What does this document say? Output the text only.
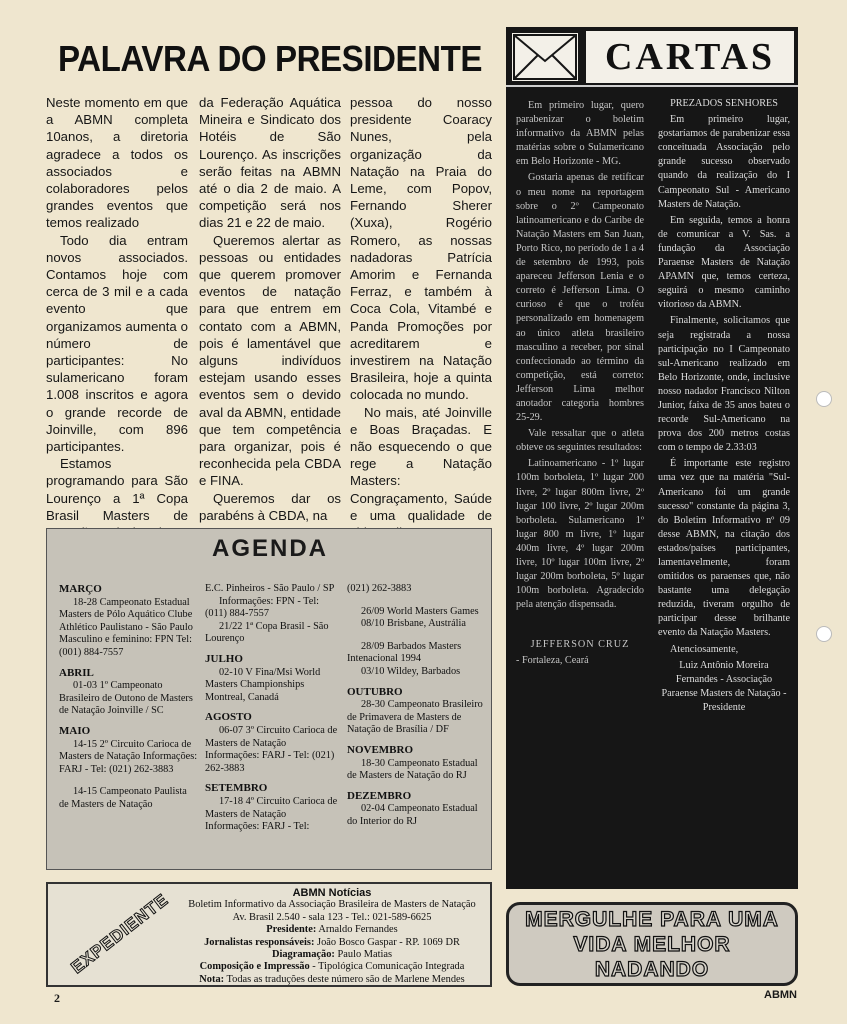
PALAVRA DO PRESIDENTE

Neste momento em que a ABMN completa 10anos, a diretoria agradece a todos os associados e colaboradores pelos grandes eventos que temos realizado

Todo dia entram novos associados. Contamos hoje com cerca de 3 mil e a cada evento que organizamos aumenta o número de participantes: No sulamericano foram 1.008 inscritos e agora o grande recorde de Joinville, com 896 participantes.

Estamos programando para São Lourenço a 1ª Copa Brasil Masters de

da Federação Aquática Mineira e Sindicato dos Hotéis de São Lourenço. As inscrições serão feitas na ABMN até o dia 2 de maio. A competição será nos dias 21 e 22 de maio.

Queremos alertar as pessoas ou entidades que querem promover eventos de natação para que entrem em contato com a ABMN, pois é lamentável que alguns indivíduos estejam usando esses eventos sem o devido aval da ABMN, entidade que tem competência para organizar, pois é reconhecida pela CBDA e FINA.

Queremos dar os parabéns à CBDA, na

pessoa do nosso presidente Coaracy Nunes, pela organização da Natação na Praia do Leme, com Popov, Fernando Sherer (Xuxa), Rogério Romero, as nossas nadadoras Patrícia Amorim e Fernanda Ferraz, e também à Coca Cola, Vitambé e Panda Promoções por acreditarem e investirem na Natação Brasileira, hoje a quinta colocada no mundo.

No mais, até Joinville e Boas Braçadas. E não esquecendo o que rege a Natação Masters: Congraçamento, Saúde e uma qualidade de

CARTAS

Em primeiro lugar, quero parabenizar o boletim informativo da ABMN pelas matérias sobre o Sulamericano em Belo Horizonte - MG.

Gostaria apenas de retificar o meu nome na reportagem sobre o 2º Campeonato latinoamericano e do Caribe de Natação Masters em San Juan, Porto Rico, no período de 1 a 4 de setembro de 1993, pois apareceu Jefferson Lenia e o correto é Jefferson Lima. O curioso é que o troféu personalizado em homenagem ao único atleta brasileiro masculino a receber, por sinal confeccionado ao término da competição, está correto: Jefferson Lima melhor anotador categoria hombres 25-29.

Vale ressaltar que o atleta obteve os seguintes resultados:

Latinoamericano - 1º lugar 100m borboleta, 1º lugar 200 livre, 2º lugar 800m livre, 2º lugar 100 livre, 2º lugar 200m borboleta. Sulamericano 1º lugar 800 m livre, 1º lugar 400m livre, 4º lugar 200m livre, 10º lugar 100m livre, 2º lugar 200m borboleta, 5º lugar 100m borboleta. Agradecido pela atenção dispensada.

JEFFERSON CRUZ

- Fortaleza, Ceará

PREZADOS SENHORES

Em primeiro lugar, gostaríamos de parabenizar essa conceituada Associação pelo grande sucesso observado quando da realização do I Campeonato Sul - Americano Masters de Natação.

Em seguida, temos a honra de comunicar a V. Sas. a fundação da Associação Paraense Masters de Natação APAMN que, temos certeza, seguirá o mesmo caminho vitorioso da ABMN.

Finalmente, solicitamos que seja registrada a nossa participação no I Campeonato sul-Americano realizado em Belo Horizonte, onde, inclusive nosso nadador Francisco Nilton Junior, faixa de 35 anos bateu o recorde Sul-Americano na prova dos 200 metros costas com o tempo de 2.33:03

É importante este registro uma vez que na matéria "Sul-Americano foi um grande sucesso" constante da página 3, do Boletim Informativo nº 09 desse ABMN, na citação dos estados/países participantes, lamentavelmente, foram omitidos os paraenses que, não bastante uma delegação reduzida, tiveram orgulho de participar desse brilhante evento da Natação Masters.

Atenciosamente,

Luiz Antônio Moreira Fernandes - Associação Paraense Masters de Natação - Presidente

AGENDA
MARÇO
18-28 Campeonato Estadual Masters de Pólo Aquático Clube Athlético Paulistano - São Paulo Masculino e feminino: FPN Tel: (001) 884-7557
ABRIL
01-03 1º Campeonato Brasileiro de Outono de Masters de Natação Joinville / SC
MAIO
14-15 2º Circuito Carioca de Masters de Natação Informações: FARJ - Tel: (021) 262-3883
14-15 Campeonato Paulista de Masters de Natação
E.C. Pinheiros - São Paulo / SP
Informações: FPN - Tel: (011) 884-7557
21/22 1ª Copa Brasil - São Lourenço
JULHO
02-10 V Fina/Msi World Masters Championships Montreal, Canadá
AGOSTO
06-07 3º Circuito Carioca de Masters de Natação Informações: FARJ - Tel: (021) 262-3883
SETEMBRO
17-18 4º Circuito Carioca de Masters de Natação Informações: FARJ - Tel:
(021) 262-3883
26/09 World Masters Games
08/10 Brisbane, Austrália
28/09 Barbados Masters Intenacional 1994
03/10 Wildey, Barbados
OUTUBRO
28-30 Campeonato Brasileiro de Primavera de Masters de Natação de Brasília / DF
NOVEMBRO
18-30 Campeonato Estadual de Masters de Natação do RJ
DEZEMBRO
02-04 Campeonato Estadual do Interior do RJ
EXPEDIENTE	ABMN Notícias
Boletim Informativo da Associação Brasileira de Masters de Natação
Av. Brasil 2.540 - sala 123 - Tel.: 021-589-6625
Presidente: Arnaldo Fernandes
Jornalistas responsáveis: João Bosco Gaspar - RP. 1069 DR
Diagramação: Paulo Matias
Composição e Impressão - Tipológica Comunicação Integrada
Nota: Todas as traduções deste número são de Marlene Mendes
MERGULHE PARA UMA
VIDA MELHOR
NADANDO
2	ABMN
